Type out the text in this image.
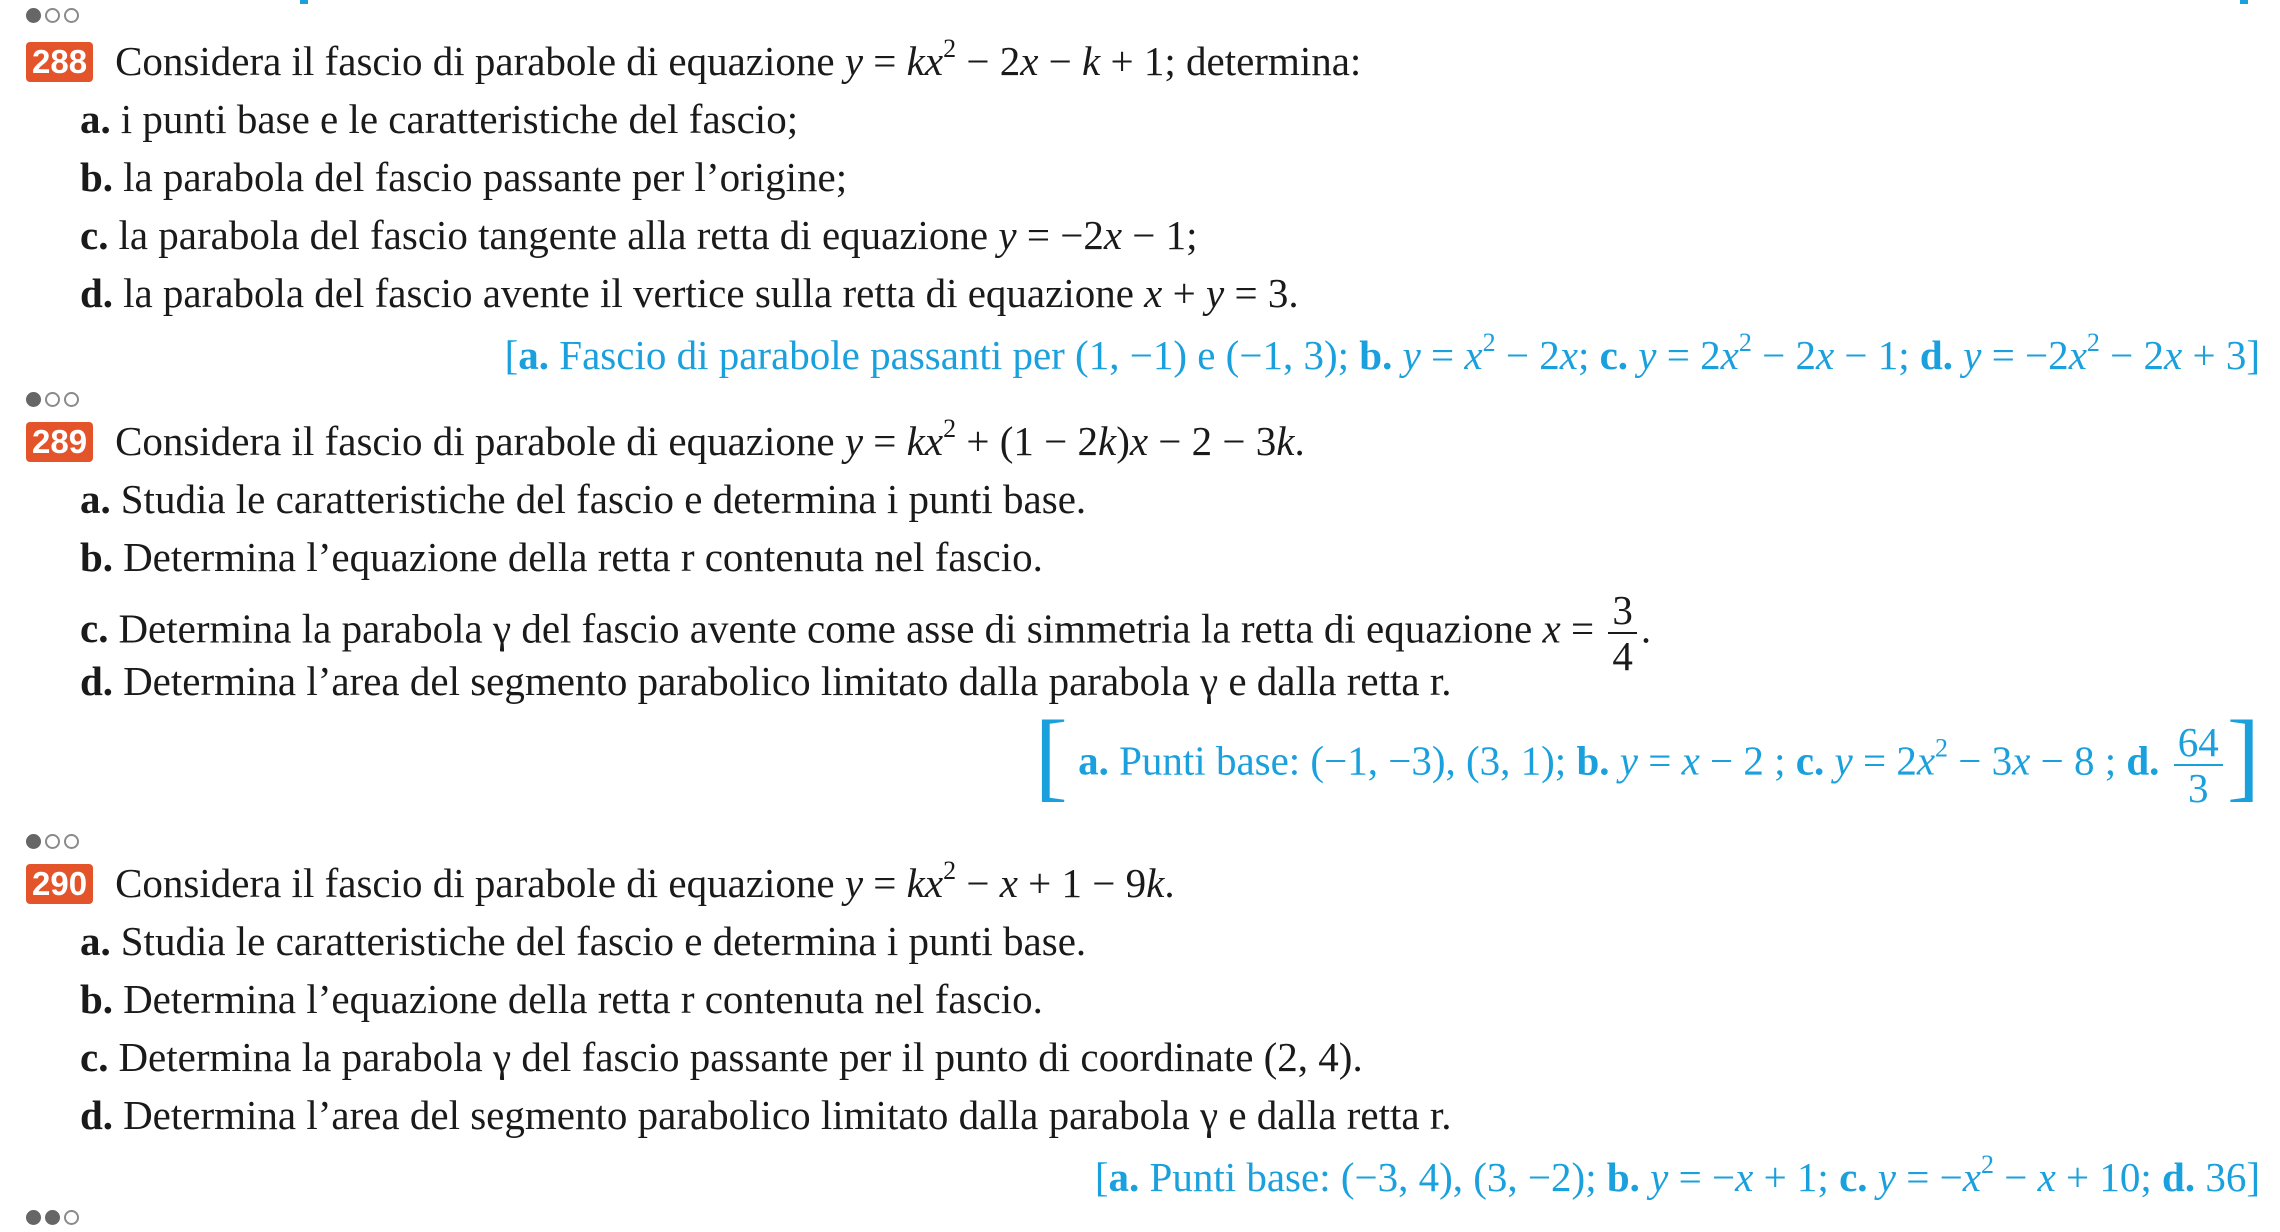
288 Considera il fascio di parabole di equazione $y = kx^2 - 2x - k + 1$; determina:
a. i punti base e le caratteristiche del fascio;
b. la parabola del fascio passante per l’origine;
c. la parabola del fascio tangente alla retta di equazione y = −2x − 1;
d. la parabola del fascio avente il vertice sulla retta di equazione x + y = 3.
[a. Fascio di parabole passanti per (1, −1) e (−1, 3); b. $y = x^2 - 2x$; c. $y = 2x^2 - 2x - 1$; d. $y = -2x^2 - 2x + 3$]
289 Considera il fascio di parabole di equazione $y = kx^2 + (1 - 2k)x - 2 - 3k$.
a. Studia le caratteristiche del fascio e determina i punti base.
b. Determina l’equazione della retta r contenuta nel fascio.
c. Determina la parabola γ del fascio avente come asse di simmetria la retta di equazione $x = \frac{3}{4}$ .
d. Determina l’area del segmento parabolico limitato dalla parabola γ e dalla retta r.
[ a. Punti base: (−1, −3), (3, 1); b. y = x − 2 ; c. $y = 2x^2 - 3x - 8$ ; d. $\frac{64}{3}$ ]
290 Considera il fascio di parabole di equazione $y = kx^2 - x + 1 - 9k$.
a. Studia le caratteristiche del fascio e determina i punti base.
b. Determina l’equazione della retta r contenuta nel fascio.
c. Determina la parabola γ del fascio passante per il punto di coordinate (2, 4).
d. Determina l’area del segmento parabolico limitato dalla parabola γ e dalla retta r.
[a. Punti base: (−3, 4), (3, −2); b. y = −x + 1; c. $y = -x^2 - x + 10$; d. 36]
